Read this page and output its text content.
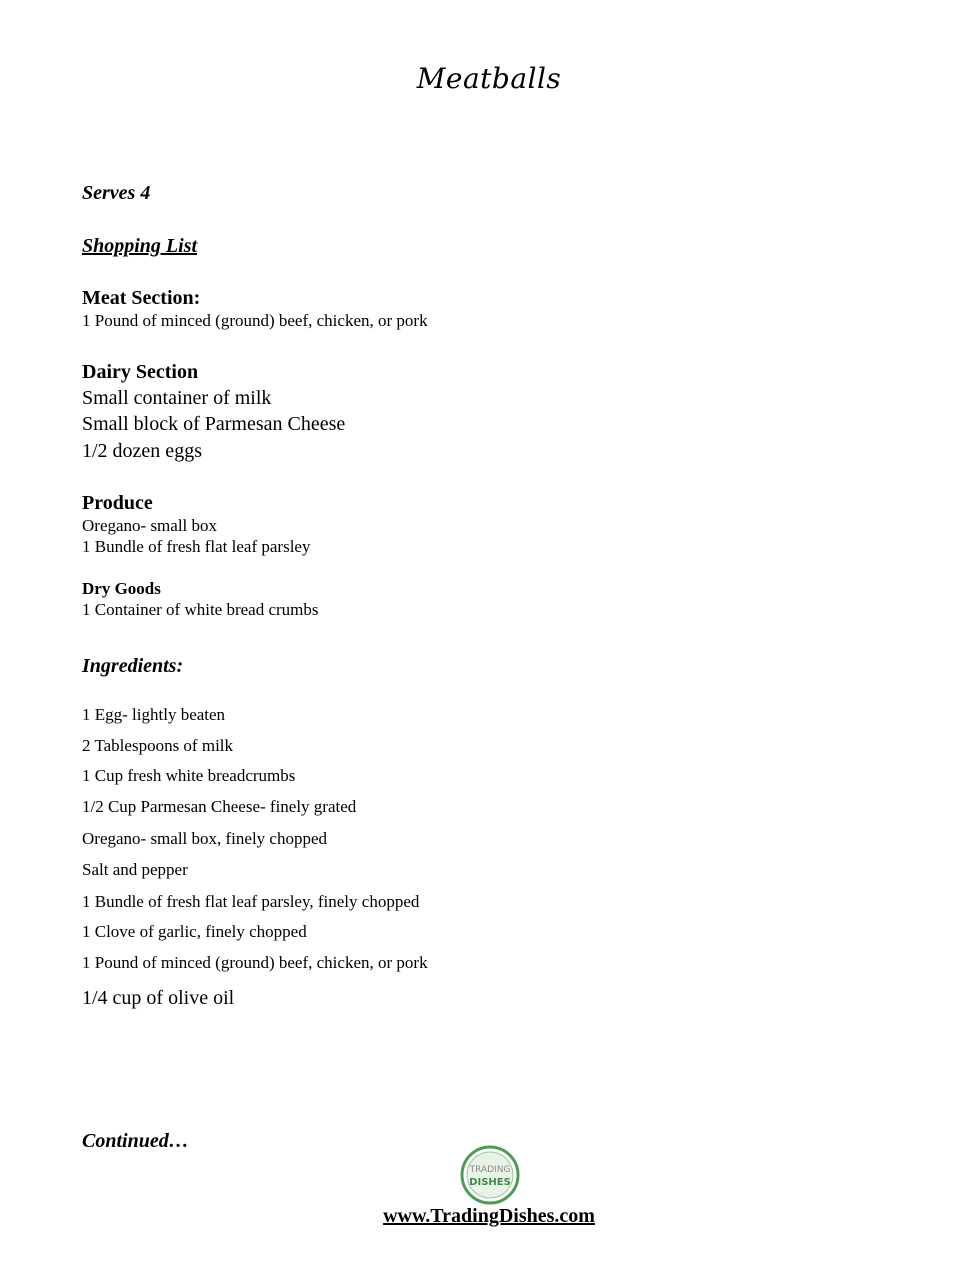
Meatballs
Serves 4
Shopping List
Meat Section:
1 Pound of minced (ground) beef, chicken, or pork
Dairy Section
Small container of milk
Small block of Parmesan Cheese
1/2 dozen eggs
Produce
Oregano- small box
1 Bundle of fresh flat leaf parsley
Dry Goods
1 Container of white bread crumbs
Ingredients:
1 Egg- lightly beaten
2 Tablespoons of milk
1 Cup fresh white breadcrumbs
1/2 Cup Parmesan Cheese- finely grated
Oregano- small box, finely chopped
Salt and pepper
1 Bundle of fresh flat leaf parsley, finely chopped
1 Clove of garlic, finely chopped
1 Pound of minced (ground) beef, chicken, or pork
1/4 cup of olive oil
Continued…
TRADING
DISHES
www.TradingDishes.com
